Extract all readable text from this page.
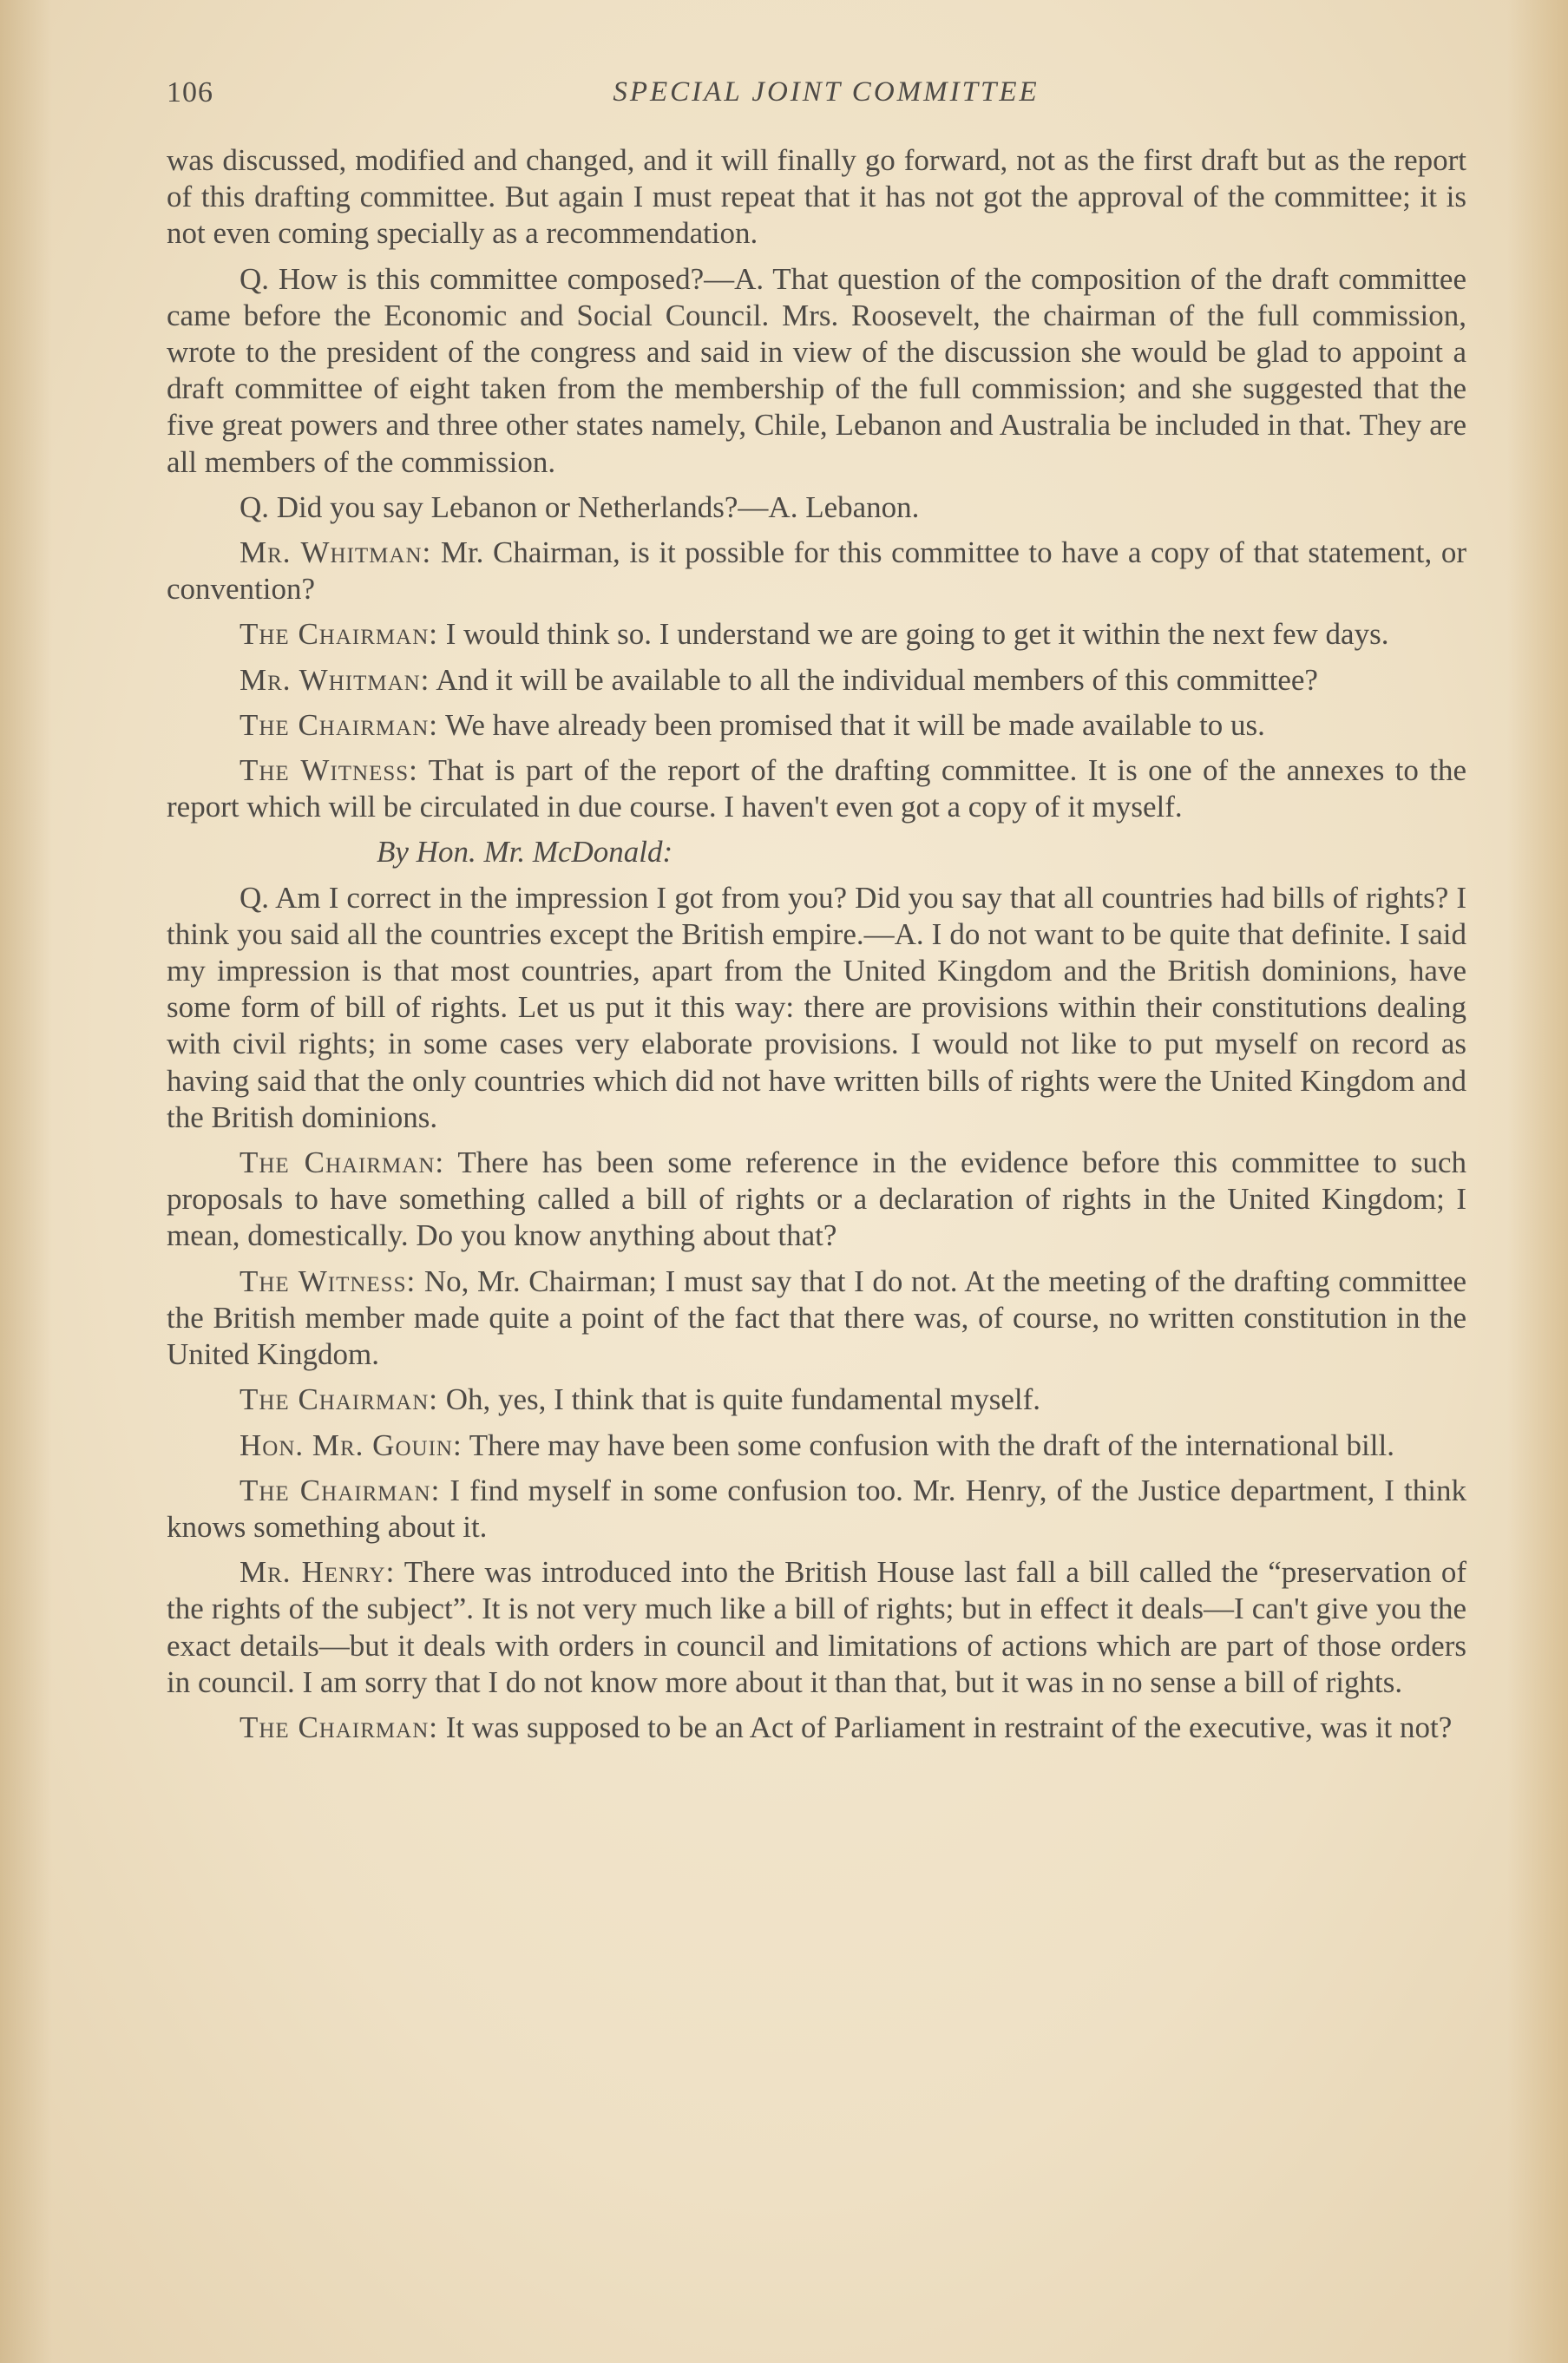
106	SPECIAL JOINT COMMITTEE

was discussed, modified and changed, and it will finally go forward, not as the first draft but as the report of this drafting committee. But again I must repeat that it has not got the approval of the committee; it is not even coming specially as a recommendation.

Q. How is this committee composed?—A. That question of the composition of the draft committee came before the Economic and Social Council. Mrs. Roosevelt, the chairman of the full commission, wrote to the president of the congress and said in view of the discussion she would be glad to appoint a draft committee of eight taken from the membership of the full commission; and she suggested that the five great powers and three other states namely, Chile, Lebanon and Australia be included in that. They are all members of the commission.

Q. Did you say Lebanon or Netherlands?—A. Lebanon.

Mr. Whitman: Mr. Chairman, is it possible for this committee to have a copy of that statement, or convention?

The Chairman: I would think so. I understand we are going to get it within the next few days.

Mr. Whitman: And it will be available to all the individual members of this committee?

The Chairman: We have already been promised that it will be made available to us.

The Witness: That is part of the report of the drafting committee. It is one of the annexes to the report which will be circulated in due course. I haven't even got a copy of it myself.

By Hon. Mr. McDonald:

Q. Am I correct in the impression I got from you? Did you say that all countries had bills of rights? I think you said all the countries except the British empire.—A. I do not want to be quite that definite. I said my impression is that most countries, apart from the United Kingdom and the British dominions, have some form of bill of rights. Let us put it this way: there are provisions within their constitutions dealing with civil rights; in some cases very elaborate provisions. I would not like to put myself on record as having said that the only countries which did not have written bills of rights were the United Kingdom and the British dominions.

The Chairman: There has been some reference in the evidence before this committee to such proposals to have something called a bill of rights or a declaration of rights in the United Kingdom; I mean, domestically. Do you know anything about that?

The Witness: No, Mr. Chairman; I must say that I do not. At the meeting of the drafting committee the British member made quite a point of the fact that there was, of course, no written constitution in the United Kingdom.

The Chairman: Oh, yes, I think that is quite fundamental myself.

Hon. Mr. Gouin: There may have been some confusion with the draft of the international bill.

The Chairman: I find myself in some confusion too. Mr. Henry, of the Justice department, I think knows something about it.

Mr. Henry: There was introduced into the British House last fall a bill called the “preservation of the rights of the subject”. It is not very much like a bill of rights; but in effect it deals—I can't give you the exact details—but it deals with orders in council and limitations of actions which are part of those orders in council. I am sorry that I do not know more about it than that, but it was in no sense a bill of rights.

The Chairman: It was supposed to be an Act of Parliament in restraint of the executive, was it not?
